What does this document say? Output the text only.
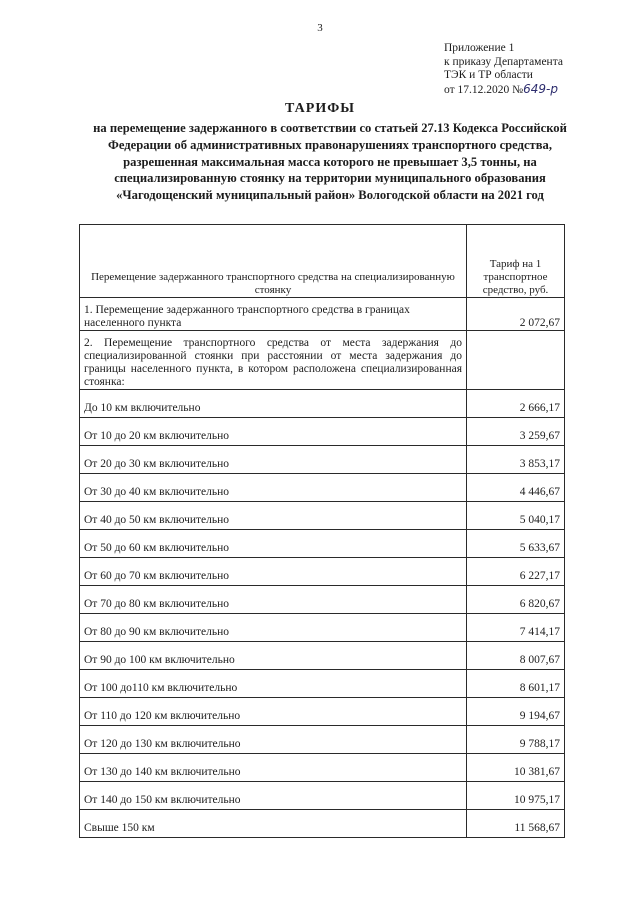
3
Приложение 1
к приказу Департамента
ТЭК и ТР области
от 17.12.2020 №649-р
ТАРИФЫ
на перемещение задержанного в соответствии со статьей 27.13 Кодекса Российской Федерации об административных правонарушениях транспортного средства, разрешенная максимальная масса которого не превышает 3,5 тонны, на специализированную стоянку на территории муниципального образования «Чагодощенский муниципальный район» Вологодской области на 2021 год
Перемещение задержанного транспортного средства на специализированную стоянку	Тариф на 1 транспортное средство, руб.
1. Перемещение задержанного транспортного средства в границах населенного пункта	2 072,67
2. Перемещение транспортного средства от места задержания до специализированной стоянки при расстоянии от места задержания до границы населенного пункта, в котором расположена специализированная стоянка:	
До 10 км включительно	2 666,17
От 10 до 20 км включительно	3 259,67
От 20 до 30 км включительно	3 853,17
От 30 до 40 км включительно	4 446,67
От 40 до 50 км включительно	5 040,17
От 50 до 60 км включительно	5 633,67
От 60 до 70 км включительно	6 227,17
От 70 до 80 км включительно	6 820,67
От 80 до 90 км включительно	7 414,17
От 90 до 100 км включительно	8 007,67
От 100 до110 км включительно	8 601,17
От 110 до 120 км включительно	9 194,67
От 120 до 130 км включительно	9 788,17
От 130 до 140 км включительно	10 381,67
От 140 до 150 км включительно	10 975,17
Свыше 150 км	11 568,67
